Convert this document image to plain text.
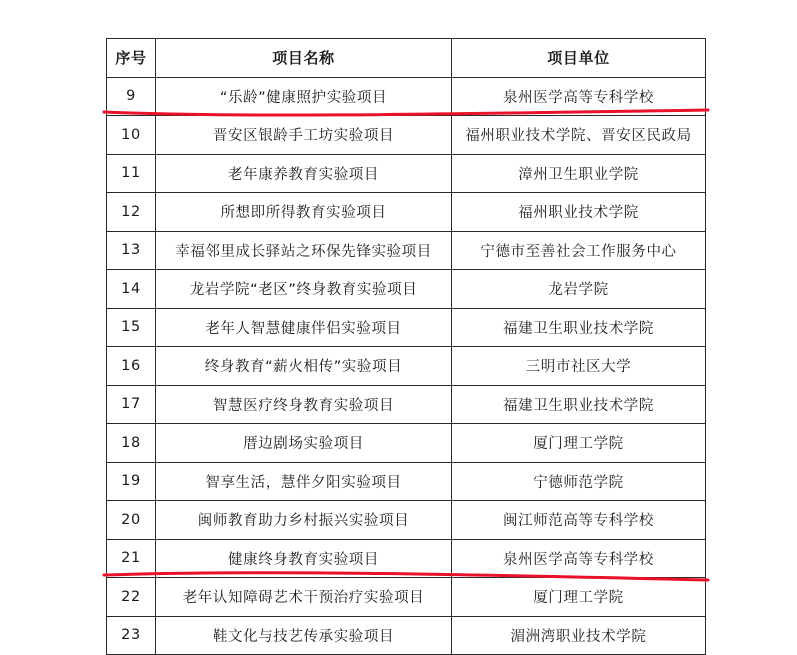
序号	项目名称	项目单位
9	“乐龄”健康照护实验项目	泉州医学高等专科学校
10	晋安区银龄手工坊实验项目	福州职业技术学院、晋安区民政局
11	老年康养教育实验项目	漳州卫生职业学院
12	所想即所得教育实验项目	福州职业技术学院
13	幸福邻里成长驿站之环保先锋实验项目	宁德市至善社会工作服务中心
14	龙岩学院“老区”终身教育实验项目	龙岩学院
15	老年人智慧健康伴侣实验项目	福建卫生职业技术学院
16	终身教育“薪火相传”实验项目	三明市社区大学
17	智慧医疗终身教育实验项目	福建卫生职业技术学院
18	厝边剧场实验项目	厦门理工学院
19	智享生活，慧伴夕阳实验项目	宁德师范学院
20	闽师教育助力乡村振兴实验项目	闽江师范高等专科学校
21	健康终身教育实验项目	泉州医学高等专科学校
22	老年认知障碍艺术干预治疗实验项目	厦门理工学院
23	鞋文化与技艺传承实验项目	湄洲湾职业技术学院
